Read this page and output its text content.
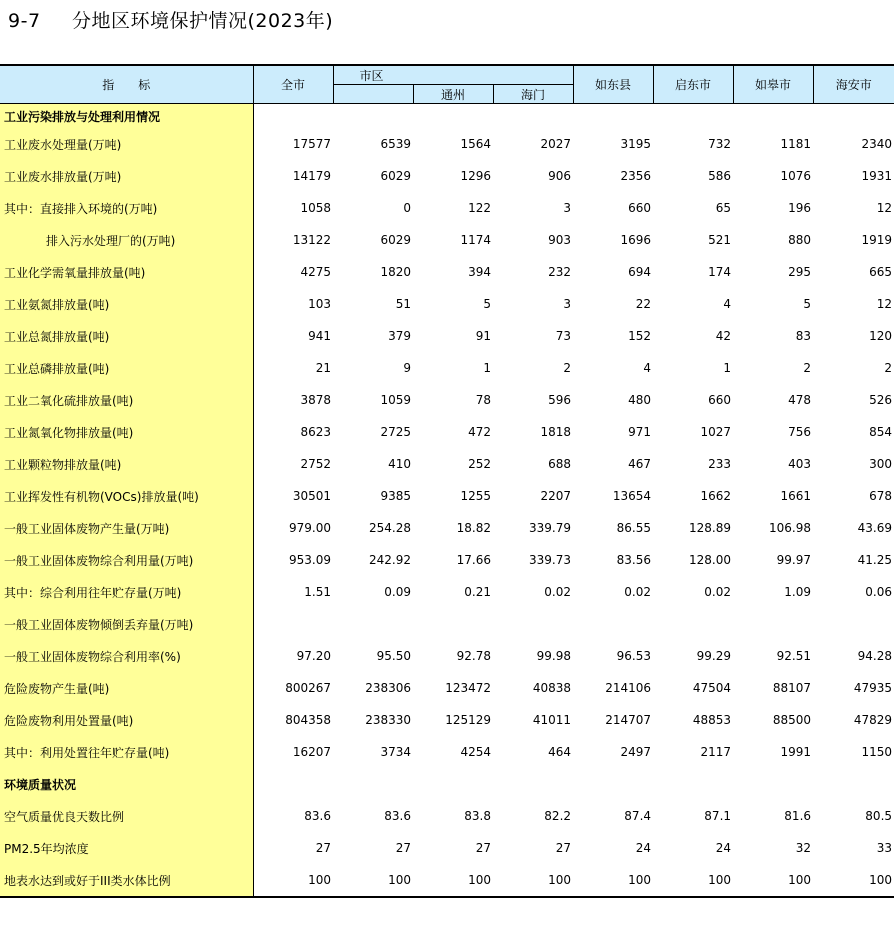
9-7 分地区环境保护情况(2023年)
指　　标	全市	市区			如东县	启东市	如皋市	海安市
			通州	海门				
工业污染排放与处理利用情况								
工业废水处理量(万吨)	17577	6539	1564	2027	3195	732	1181	2340
工业废水排放量(万吨)	14179	6029	1296	906	2356	586	1076	1931
其中：直接排入环境的(万吨)	1058	0	122	3	660	65	196	12
排入污水处理厂的(万吨)	13122	6029	1174	903	1696	521	880	1919
工业化学需氧量排放量(吨)	4275	1820	394	232	694	174	295	665
工业氨氮排放量(吨)	103	51	5	3	22	4	5	12
工业总氮排放量(吨)	941	379	91	73	152	42	83	120
工业总磷排放量(吨)	21	9	1	2	4	1	2	2
工业二氧化硫排放量(吨)	3878	1059	78	596	480	660	478	526
工业氮氧化物排放量(吨)	8623	2725	472	1818	971	1027	756	854
工业颗粒物排放量(吨)	2752	410	252	688	467	233	403	300
工业挥发性有机物(VOCs)排放量(吨)	30501	9385	1255	2207	13654	1662	1661	678
一般工业固体废物产生量(万吨)	979.00	254.28	18.82	339.79	86.55	128.89	106.98	43.69
一般工业固体废物综合利用量(万吨)	953.09	242.92	17.66	339.73	83.56	128.00	99.97	41.25
其中：综合利用往年贮存量(万吨)	1.51	0.09	0.21	0.02	0.02	0.02	1.09	0.06
一般工业固体废物倾倒丢弃量(万吨)								
一般工业固体废物综合利用率(%)	97.20	95.50	92.78	99.98	96.53	99.29	92.51	94.28
危险废物产生量(吨)	800267	238306	123472	40838	214106	47504	88107	47935
危险废物利用处置量(吨)	804358	238330	125129	41011	214707	48853	88500	47829
其中：利用处置往年贮存量(吨)	16207	3734	4254	464	2497	2117	1991	1150
环境质量状况								
空气质量优良天数比例	83.6	83.6	83.8	82.2	87.4	87.1	81.6	80.5
PM2.5年均浓度	27	27	27	27	24	24	32	33
地表水达到或好于III类水体比例	100	100	100	100	100	100	100	100
